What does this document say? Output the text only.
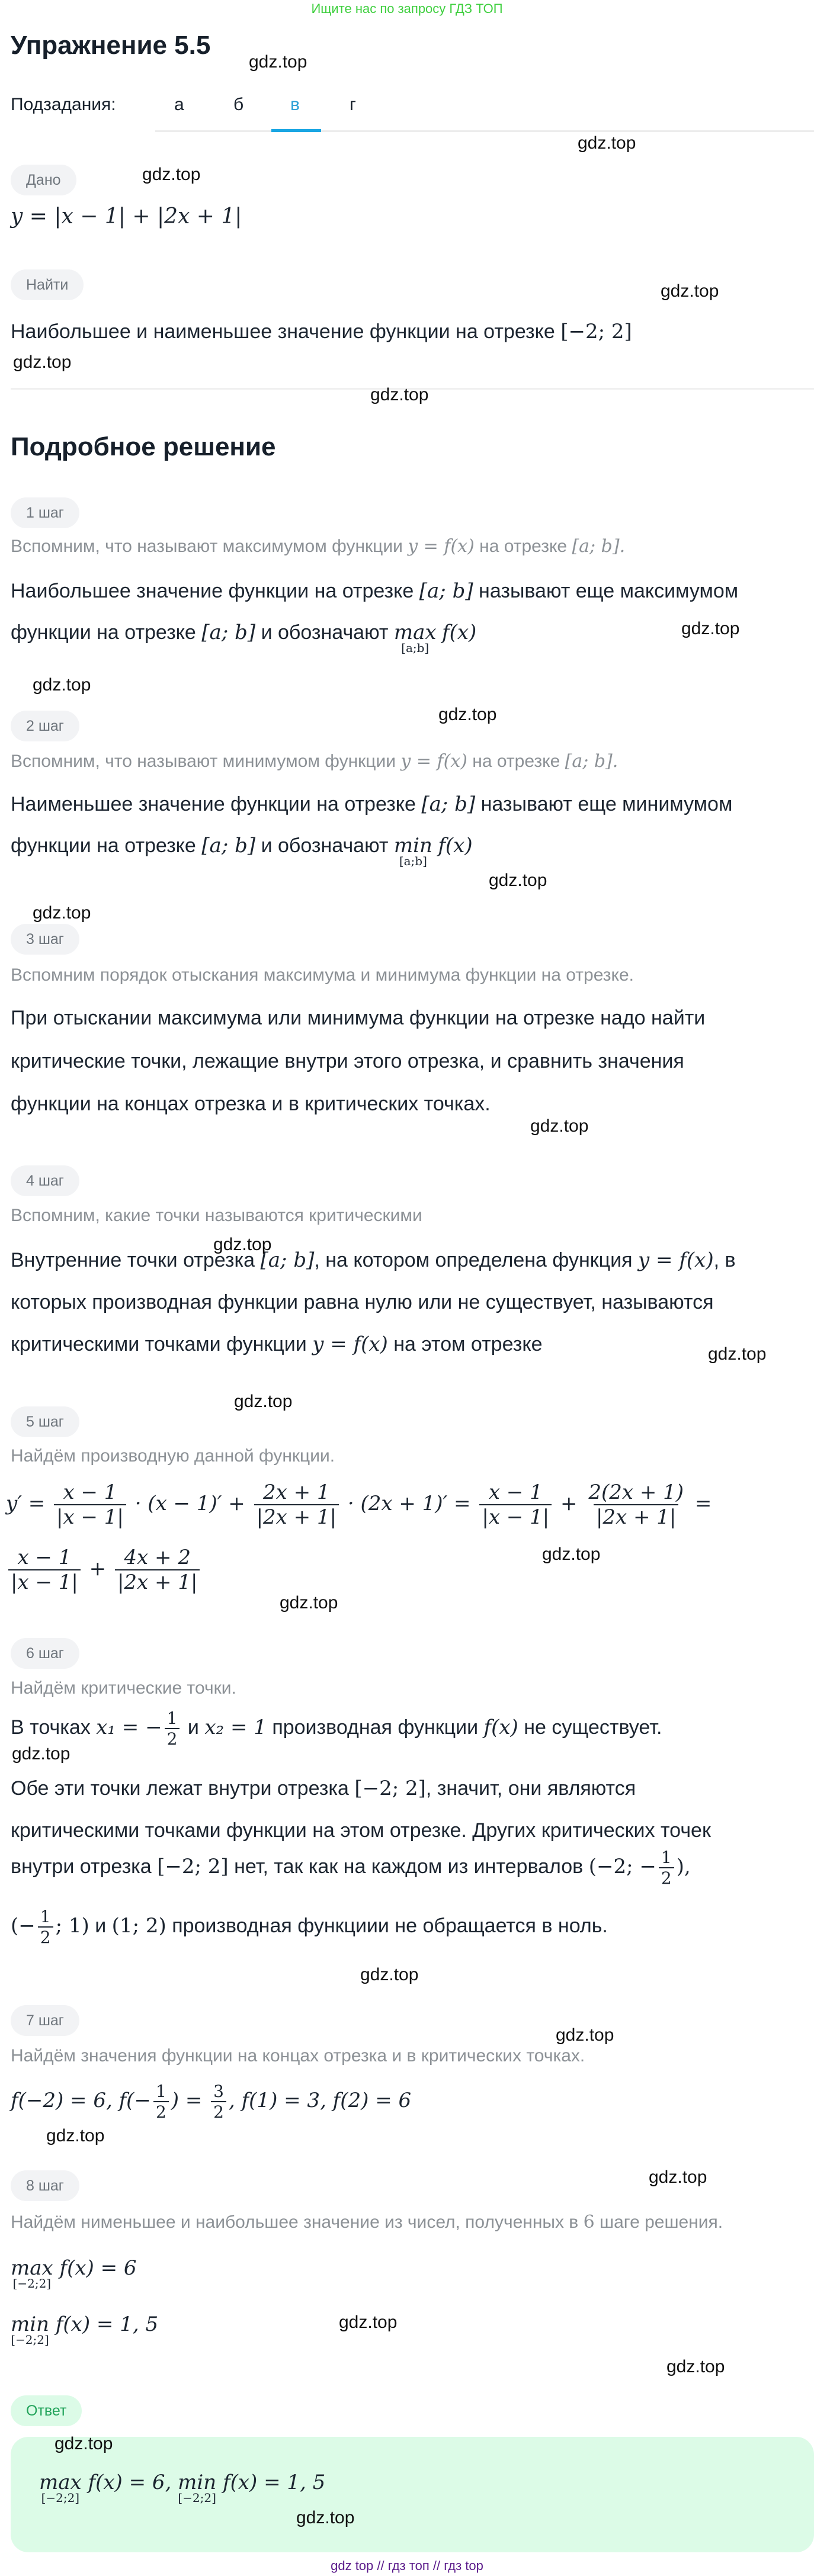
Ищите нас по запросу ГДЗ ТОП
Упражнение 5.5
Подзадания:	а	б	в	г
Дано
y = |x − 1| + |2x + 1|
Найти
Наибольшее и наименьшее значение функции на отрезке [−2; 2]
Подробное решение
1 шаг
Вспомним, что называют максимумом функции y = f(x) на отрезке [a; b].
Наибольшее значение функции на отрезке [a; b] называют еще максимумом
функции на отрезке [a; b] и обозначают max
[a;b]
f(x)
2 шаг
Вспомним, что называют минимумом функции y = f(x) на отрезке [a; b].
Наименьшее значение функции на отрезке [a; b] называют еще минимумом
функции на отрезке [a; b] и обозначают min
[a;b]
f(x)
3 шаг
Вспомним порядок отыскания максимума и минимума функции на отрезке.
При отыскании максимума или минимума функции на отрезке надо найти
критические точки, лежащие внутри этого отрезка, и сравнить значения
функции на концах отрезка и в критических точках.
4 шаг
Вспомним, какие точки называются критическими
Внутренние точки отрезка [a; b], на котором определена функция y = f(x), в
которых производная функции равна нулю или не существует, называются
критическими точками функции y = f(x) на этом отрезке
5 шаг
Найдём производную данной функции.
$y' = \frac{x - 1}{|x - 1|} \cdot (x - 1)' + \frac{2x + 1}{|2x + 1|} \cdot (2x + 1)' = \frac{x - 1}{|x - 1|} + \frac{2(2x + 1)}{|2x + 1|}$ =
$\frac{x - 1}{|x - 1|} + \frac{4x + 2}{|2x + 1|}$
6 шаг
Найдём критические точки.
В точках x₁ = − $\frac{1}{2}$ и x₂ = 1 производная функции f(x) не существует.
Обе эти точки лежат внутри отрезка [−2; 2], значит, они являются
критическими точками функции на этом отрезке. Других критических точек
внутри отрезка [−2; 2] нет, так как на каждом из интервалов (−2; − $\frac{1}{2}$ ),
(− $\frac{1}{2}$ ; 1) и (1; 2) производная функциии не обращается в ноль.
7 шаг
Найдём значения функции на концах отрезка и в критических точках.
f(−2) = 6, $f(- \frac{1}{2}$ ) = $\frac{3}{2}$ , f(1) = 3, f(2) = 6
8 шаг
Найдём нименьшее и наибольшее значение из чисел, полученных в 6 шаге решения.
max
[−2;2]
f(x) = 6
min
[−2;2]
f(x) = 1, 5
Ответ
max
[−2;2]
f(x) = 6, min
[−2;2]
f(x) = 1, 5
gdz.top
gdz.top
gdz.top
gdz.top
gdz.top
gdz.top
gdz.top
gdz.top
gdz.top
gdz.top
gdz.top
gdz.top
gdz.top
gdz.top
gdz.top
gdz.top
gdz.top
gdz.top
gdz.top
gdz.top
gdz.top
gdz.top
gdz.top
gdz.top
gdz.top
gdz.top
gdz top // гдз топ // гдз top
